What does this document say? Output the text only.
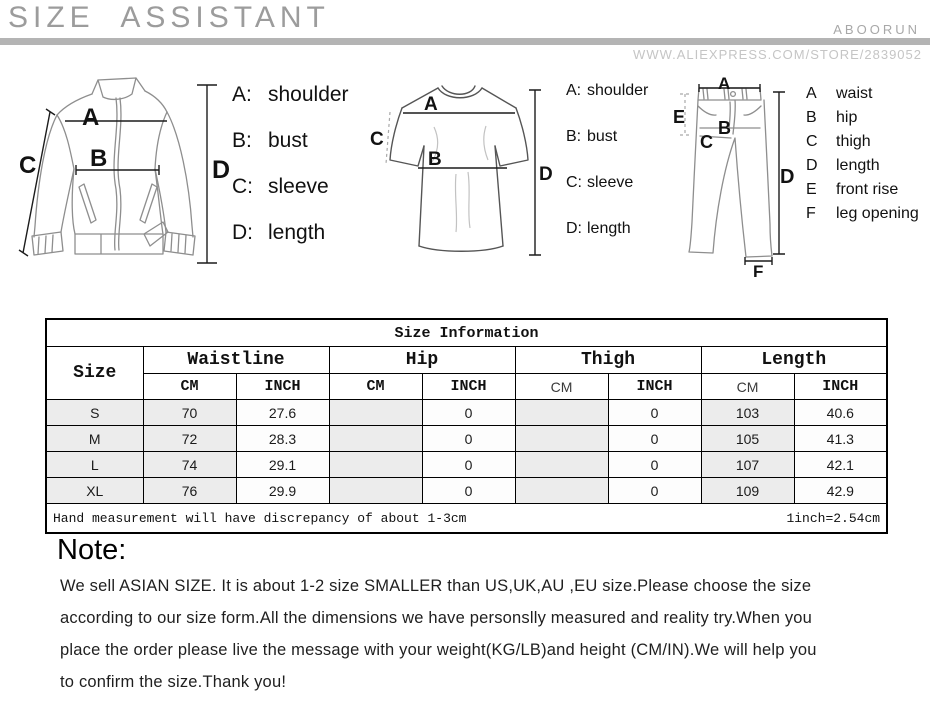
SIZE ASSISTANT	ABOORUN
WWW.ALIEXPRESS.COM/STORE/2839052
A
B
C	D
A: shoulder
B: bust
C: sleeve
D: length
A
B
C
D
A: shoulder
B: bust
C: sleeve
D: length
A
B
C
E
D
F
A	waist
B	hip
C	thigh
D	length
E	front rise
F	leg opening
Size Information								
Size	Waistline		Hip		Thigh		Length	
	CM	INCH	CM	INCH	CM	INCH	CM	INCH
S	70	27.6		0		0	103	40.6
M	72	28.3		0		0	105	41.3
L	74	29.1		0		0	107	42.1
XL	76	29.9		0		0	109	42.9

Hand measurement will have discrepancy of about 1-3cm 1inch=2.54cm								
Note:
We sell ASIAN SIZE. It is about 1-2 size SMALLER than US,UK,AU ,EU size.Please choose the size
according to our size form.All the dimensions we have personslly measured and reality try.When you
place the order please live the message with your weight(KG/LB)and height (CM/IN).We will help you
to confirm the size.Thank you!
